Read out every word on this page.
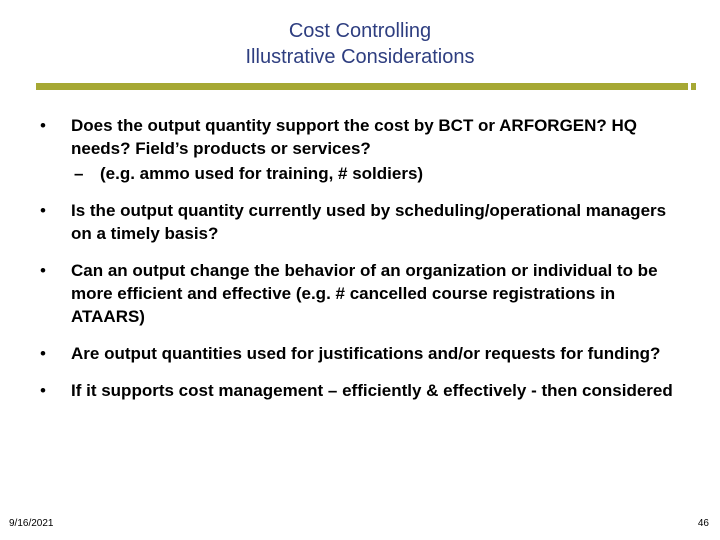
Cost Controlling
Illustrative Considerations
• Does the output quantity support the cost by BCT or ARFORGEN? HQ needs? Field’s products or services?
– (e.g. ammo used for training, # soldiers)
• Is the output quantity currently used by scheduling/operational managers on a timely basis?
• Can an output change the behavior of an organization or individual to be more efficient and effective (e.g. # cancelled course registrations in ATAARS)
• Are output quantities used for justifications and/or requests for funding?
• If it supports cost management – efficiently & effectively - then considered
9/16/2021	46
